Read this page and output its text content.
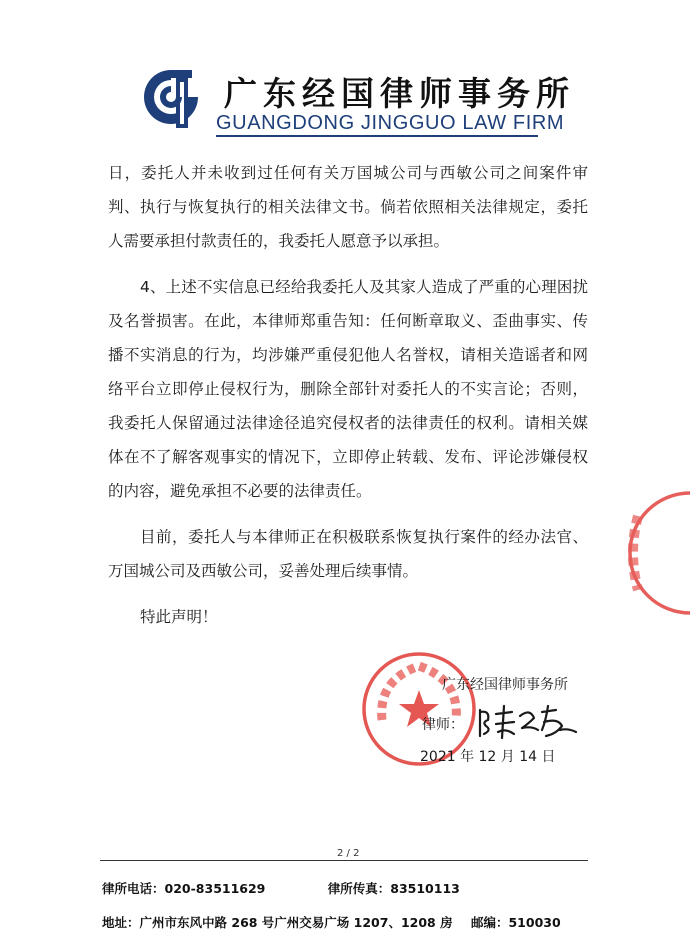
广东经国律师事务所
GUANGDONG JINGGUO LAW FIRM

日，委托人并未收到过任何有关万国城公司与西敏公司之间案件审判、执行与恢复执行的相关法律文书。倘若依照相关法律规定，委托人需要承担付款责任的，我委托人愿意予以承担。

4、上述不实信息已经给我委托人及其家人造成了严重的心理困扰及名誉损害。在此，本律师郑重告知：任何断章取义、歪曲事实、传播不实消息的行为，均涉嫌严重侵犯他人名誉权，请相关造谣者和网络平台立即停止侵权行为，删除全部针对委托人的不实言论；否则，我委托人保留通过法律途径追究侵权者的法律责任的权利。请相关媒体在不了解客观事实的情况下，立即停止转载、发布、评论涉嫌侵权的内容，避免承担不必要的法律责任。

目前，委托人与本律师正在积极联系恢复执行案件的经办法官、万国城公司及西敏公司，妥善处理后续事情。

特此声明！

广东经国律师事务所
律师：
2021 年 12 月 14 日
2 / 2
律所电话：020-83511629	律所传真：83510113
地址：广州市东风中路 268 号广州交易广场 1207、1208 房 邮编：510030
